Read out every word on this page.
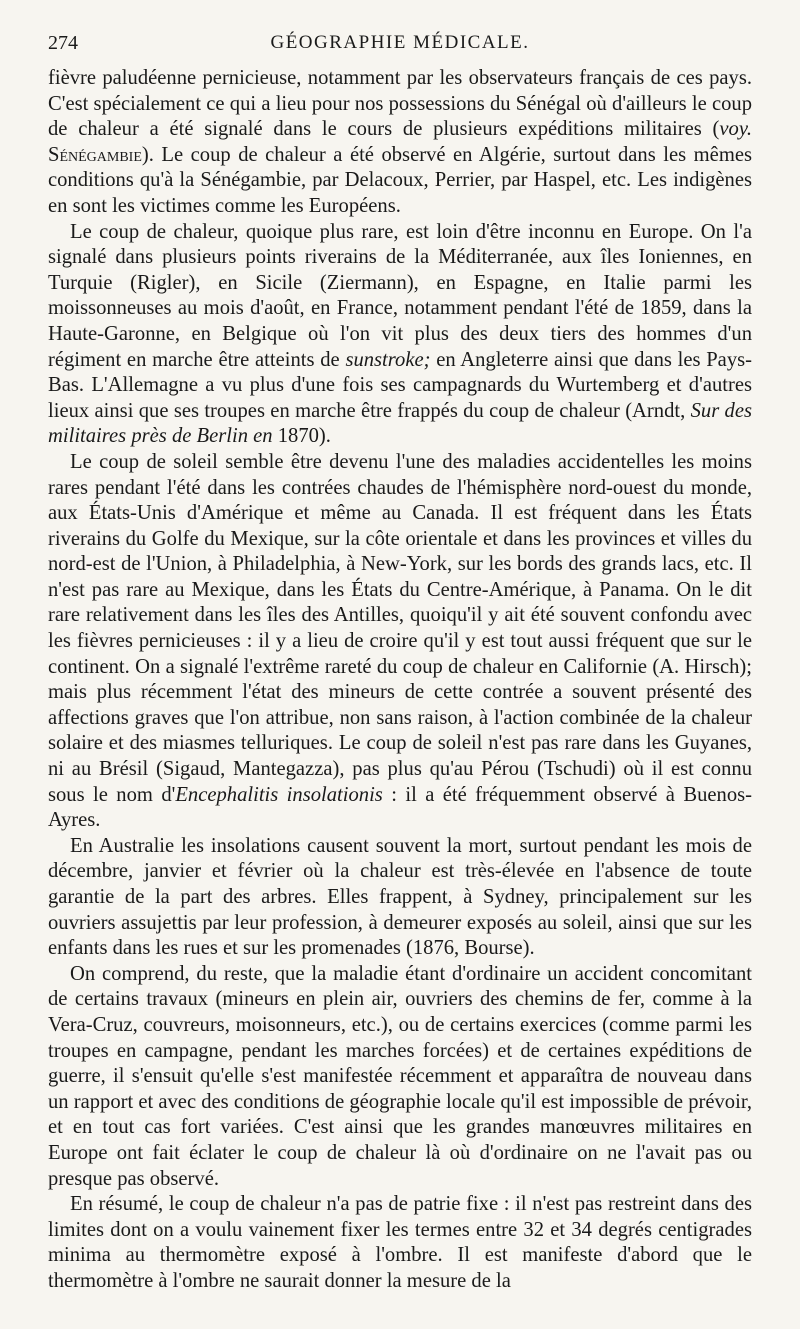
274	GÉOGRAPHIE MÉDICALE.

fièvre paludéenne pernicieuse, notamment par les observateurs français de ces pays. C'est spécialement ce qui a lieu pour nos possessions du Sénégal où d'ailleurs le coup de chaleur a été signalé dans le cours de plusieurs expéditions militaires (voy. Sénégambie). Le coup de chaleur a été observé en Algérie, surtout dans les mêmes conditions qu'à la Sénégambie, par Delacoux, Perrier, par Haspel, etc. Les indigènes en sont les victimes comme les Européens.

Le coup de chaleur, quoique plus rare, est loin d'être inconnu en Europe. On l'a signalé dans plusieurs points riverains de la Méditerranée, aux îles Ioniennes, en Turquie (Rigler), en Sicile (Ziermann), en Espagne, en Italie parmi les moissonneuses au mois d'août, en France, notamment pendant l'été de 1859, dans la Haute-Garonne, en Belgique où l'on vit plus des deux tiers des hommes d'un régiment en marche être atteints de sunstroke; en Angleterre ainsi que dans les Pays-Bas. L'Allemagne a vu plus d'une fois ses campagnards du Wurtemberg et d'autres lieux ainsi que ses troupes en marche être frappés du coup de chaleur (Arndt, Sur des militaires près de Berlin en 1870).

Le coup de soleil semble être devenu l'une des maladies accidentelles les moins rares pendant l'été dans les contrées chaudes de l'hémisphère nord-ouest du monde, aux États-Unis d'Amérique et même au Canada. Il est fréquent dans les États riverains du Golfe du Mexique, sur la côte orientale et dans les provinces et villes du nord-est de l'Union, à Philadelphia, à New-York, sur les bords des grands lacs, etc. Il n'est pas rare au Mexique, dans les États du Centre-Amérique, à Panama. On le dit rare relativement dans les îles des Antilles, quoiqu'il y ait été souvent confondu avec les fièvres pernicieuses : il y a lieu de croire qu'il y est tout aussi fréquent que sur le continent. On a signalé l'extrême rareté du coup de chaleur en Californie (A. Hirsch); mais plus récemment l'état des mineurs de cette contrée a souvent présenté des affections graves que l'on attribue, non sans raison, à l'action combinée de la chaleur solaire et des miasmes telluriques. Le coup de soleil n'est pas rare dans les Guyanes, ni au Brésil (Sigaud, Mantegazza), pas plus qu'au Pérou (Tschudi) où il est connu sous le nom d'Encephalitis insolationis : il a été fréquemment observé à Buenos-Ayres.

En Australie les insolations causent souvent la mort, surtout pendant les mois de décembre, janvier et février où la chaleur est très-élevée en l'absence de toute garantie de la part des arbres. Elles frappent, à Sydney, principalement sur les ouvriers assujettis par leur profession, à demeurer exposés au soleil, ainsi que sur les enfants dans les rues et sur les promenades (1876, Bourse).

On comprend, du reste, que la maladie étant d'ordinaire un accident concomitant de certains travaux (mineurs en plein air, ouvriers des chemins de fer, comme à la Vera-Cruz, couvreurs, moisonneurs, etc.), ou de certains exercices (comme parmi les troupes en campagne, pendant les marches forcées) et de certaines expéditions de guerre, il s'ensuit qu'elle s'est manifestée récemment et apparaîtra de nouveau dans un rapport et avec des conditions de géographie locale qu'il est impossible de prévoir, et en tout cas fort variées. C'est ainsi que les grandes manœuvres militaires en Europe ont fait éclater le coup de chaleur là où d'ordinaire on ne l'avait pas ou presque pas observé.

En résumé, le coup de chaleur n'a pas de patrie fixe : il n'est pas restreint dans des limites dont on a voulu vainement fixer les termes entre 32 et 34 degrés centigrades minima au thermomètre exposé à l'ombre. Il est manifeste d'abord que le thermomètre à l'ombre ne saurait donner la mesure de la
